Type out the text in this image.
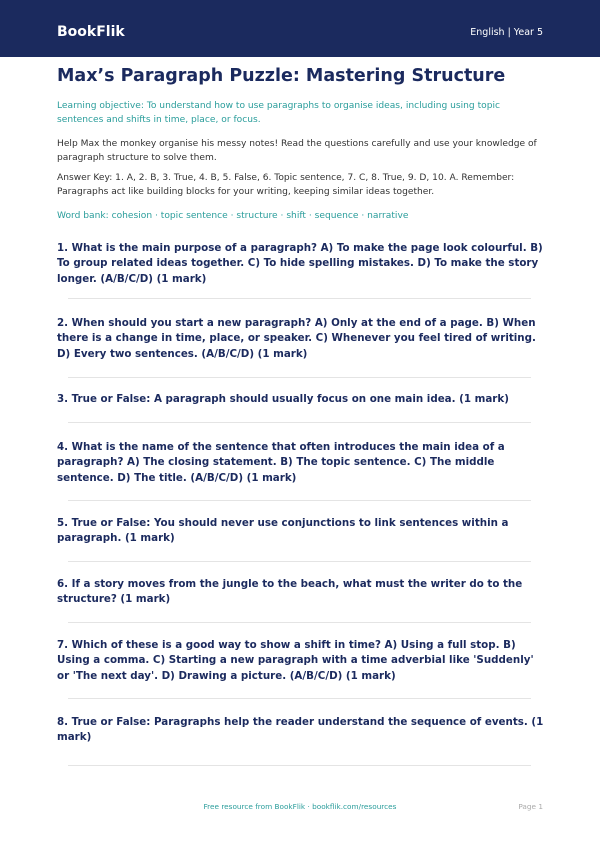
BookFlik	English | Year 5
Max’s Paragraph Puzzle: Mastering Structure

Learning objective: To understand how to use paragraphs to organise ideas, including using topic sentences and shifts in time, place, or focus.

Help Max the monkey organise his messy notes! Read the questions carefully and use your knowledge of paragraph structure to solve them.

Answer Key: 1. A, 2. B, 3. True, 4. B, 5. False, 6. Topic sentence, 7. C, 8. True, 9. D, 10. A. Remember: Paragraphs act like building blocks for your writing, keeping similar ideas together.

Word bank: cohesion · topic sentence · structure · shift · sequence · narrative

1. What is the main purpose of a paragraph? A) To make the page look colourful. B) To group related ideas together. C) To hide spelling mistakes. D) To make the story longer. (A/B/C/D) (1 mark)

2. When should you start a new paragraph? A) Only at the end of a page. B) When there is a change in time, place, or speaker. C) Whenever you feel tired of writing. D) Every two sentences. (A/B/C/D) (1 mark)

3. True or False: A paragraph should usually focus on one main idea. (1 mark)

4. What is the name of the sentence that often introduces the main idea of a paragraph? A) The closing statement. B) The topic sentence. C) The middle sentence. D) The title. (A/B/C/D) (1 mark)

5. True or False: You should never use conjunctions to link sentences within a paragraph. (1 mark)

6. If a story moves from the jungle to the beach, what must the writer do to the structure? (1 mark)

7. Which of these is a good way to show a shift in time? A) Using a full stop. B) Using a comma. C) Starting a new paragraph with a time adverbial like 'Suddenly' or 'The next day'. D) Drawing a picture. (A/B/C/D) (1 mark)

8. True or False: Paragraphs help the reader understand the sequence of events. (1 mark)

Free resource from BookFlik · bookflik.com/resources	Page 1
